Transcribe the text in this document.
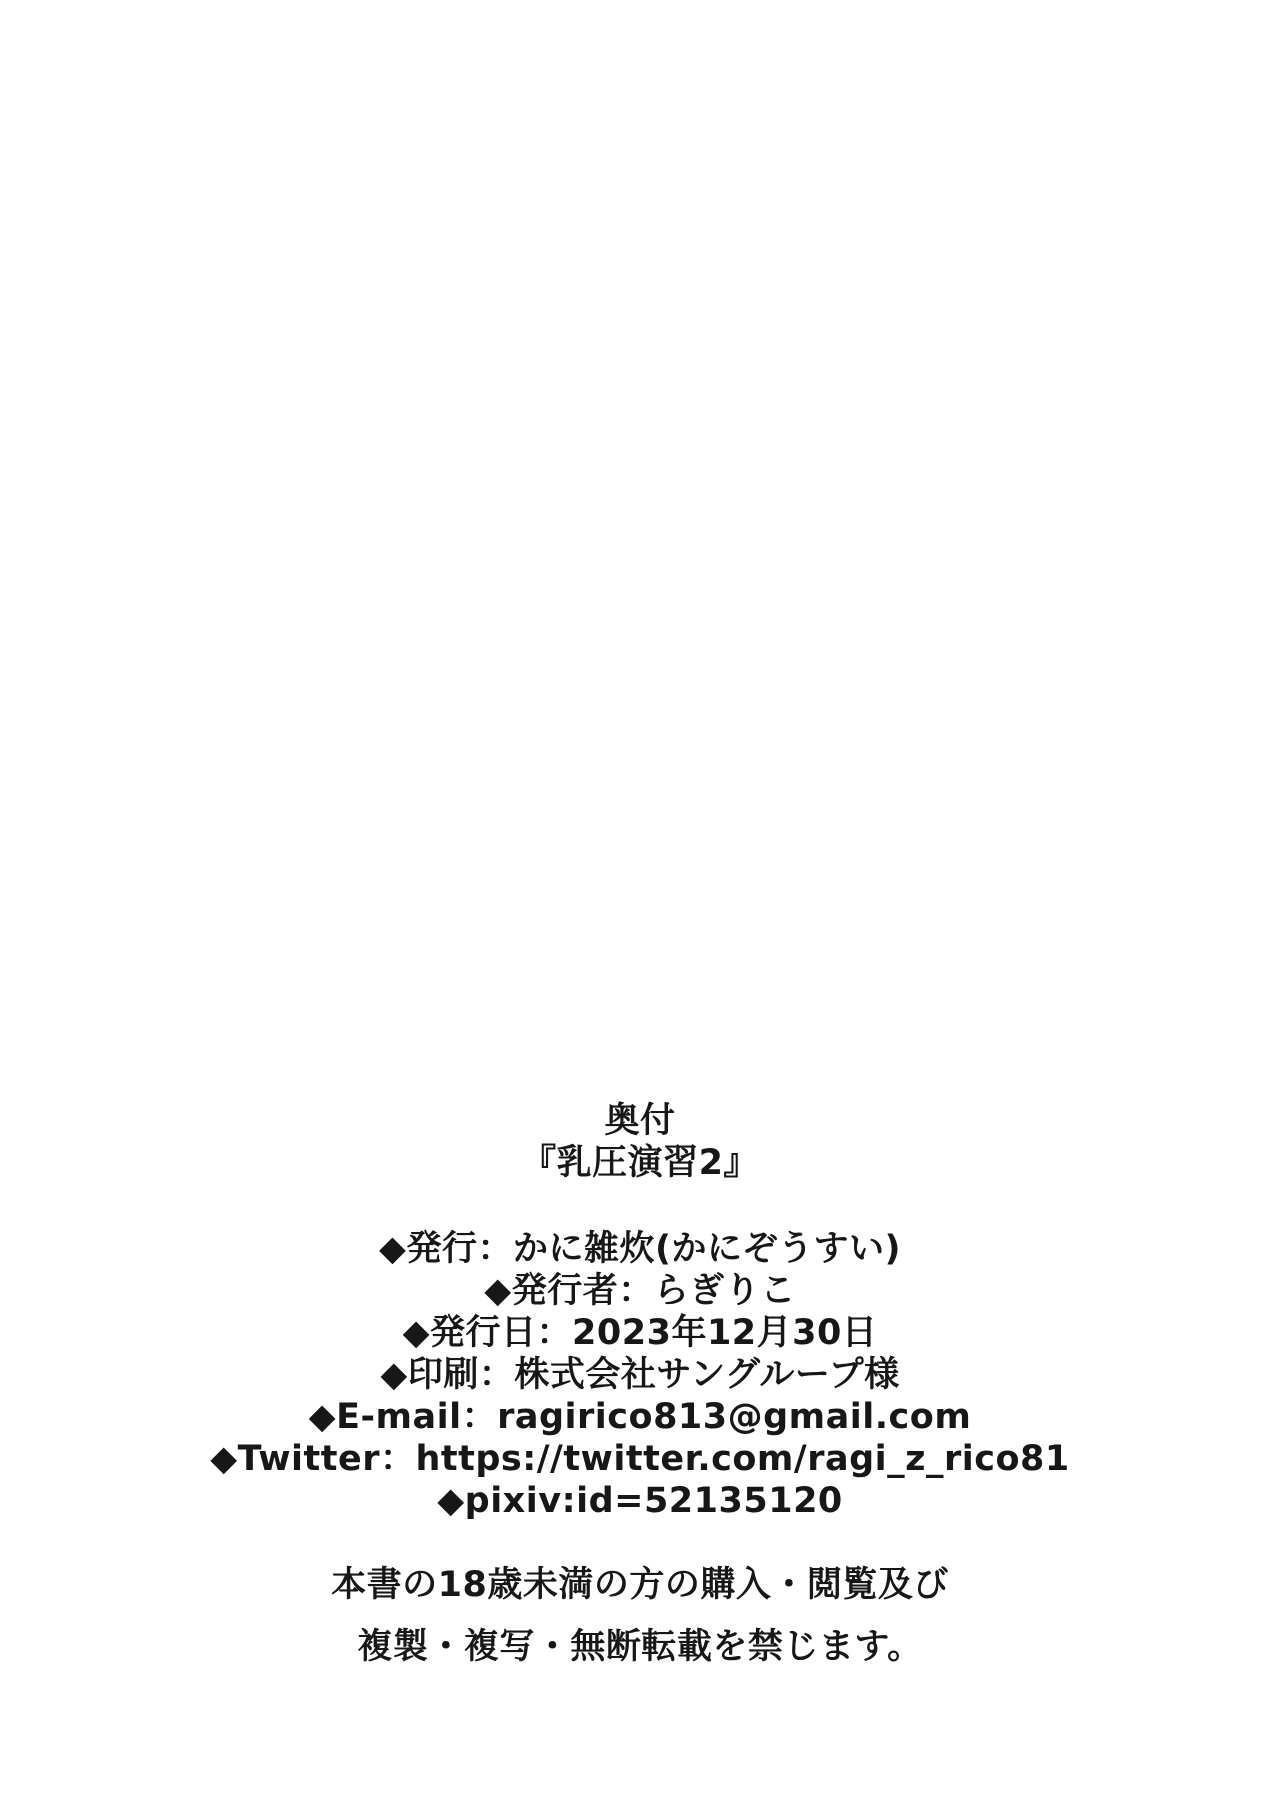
奥付
『乳圧演習2』
◆発行：かに雑炊(かにぞうすい)
◆発行者：らぎりこ
◆発行日：2023年12月30日
◆印刷：株式会社サングループ様
◆E-mail：ragirico813@gmail.com
◆Twitter：https://twitter.com/ragi_z_rico81
◆pixiv:id=52135120
本書の18歳未満の方の購入・閲覧及び
複製・複写・無断転載を禁じます。
